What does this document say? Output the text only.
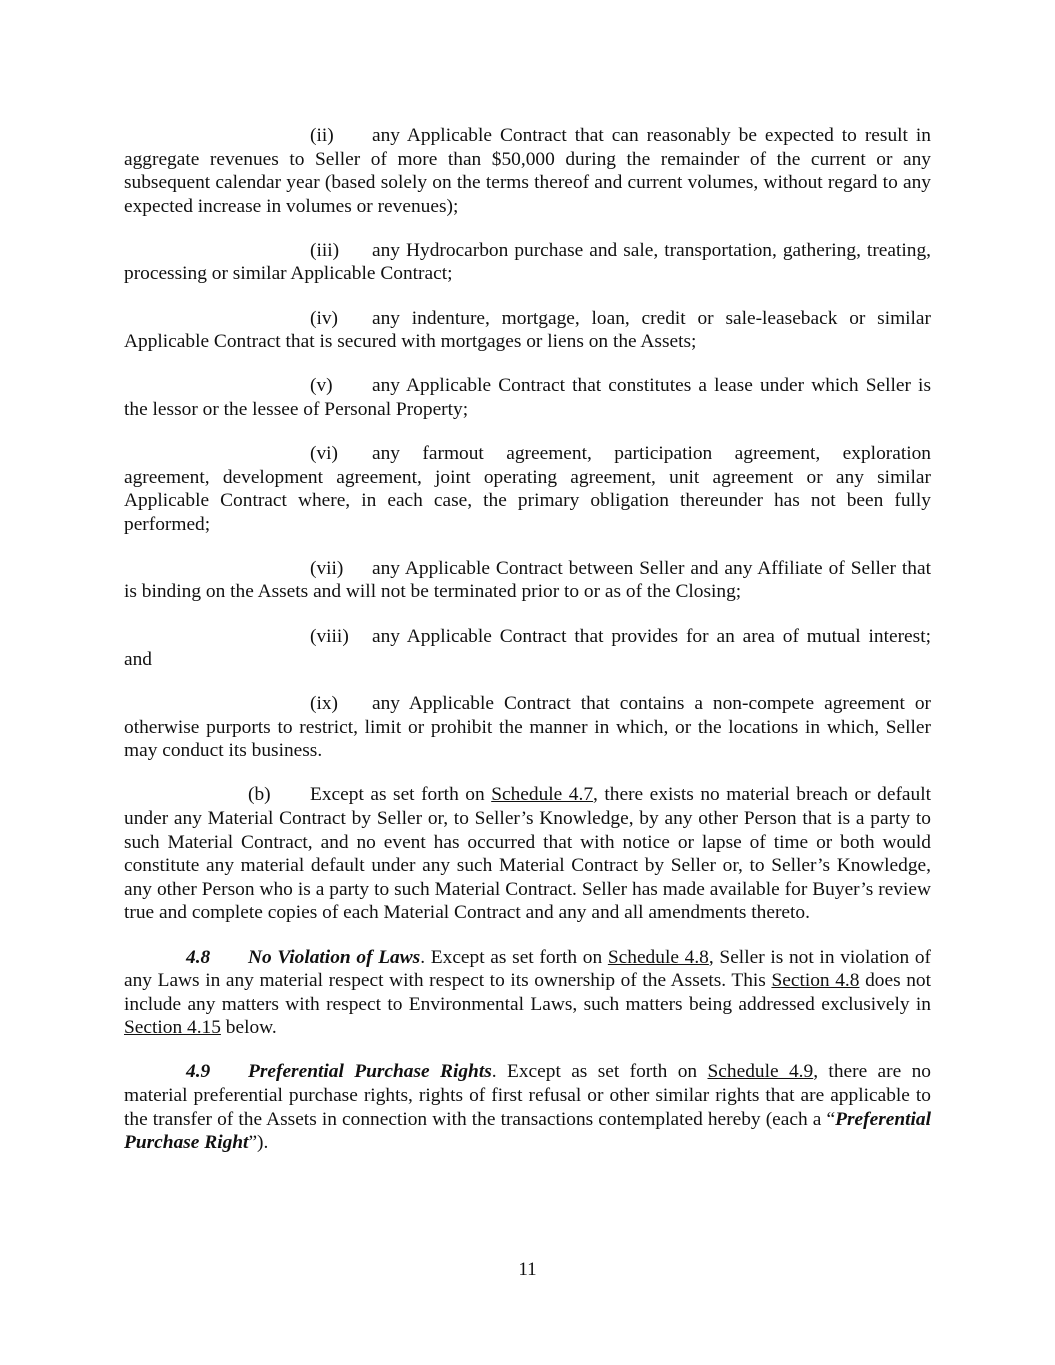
(ii) any Applicable Contract that can reasonably be expected to result in aggregate revenues to Seller of more than $50,000 during the remainder of the current or any subsequent calendar year (based solely on the terms thereof and current volumes, without regard to any expected increase in volumes or revenues);

(iii) any Hydrocarbon purchase and sale, transportation, gathering, treating, processing or similar Applicable Contract;

(iv) any indenture, mortgage, loan, credit or sale-leaseback or similar Applicable Contract that is secured with mortgages or liens on the Assets;

(v) any Applicable Contract that constitutes a lease under which Seller is the lessor or the lessee of Personal Property;

(vi) any farmout agreement, participation agreement, exploration agreement, development agreement, joint operating agreement, unit agreement or any similar Applicable Contract where, in each case, the primary obligation thereunder has not been fully performed;

(vii) any Applicable Contract between Seller and any Affiliate of Seller that is binding on the Assets and will not be terminated prior to or as of the Closing;

(viii) any Applicable Contract that provides for an area of mutual interest; and

(ix) any Applicable Contract that contains a non-compete agreement or otherwise purports to restrict, limit or prohibit the manner in which, or the locations in which, Seller may conduct its business.

(b) Except as set forth on Schedule 4.7, there exists no material breach or default under any Material Contract by Seller or, to Seller’s Knowledge, by any other Person that is a party to such Material Contract, and no event has occurred that with notice or lapse of time or both would constitute any material default under any such Material Contract by Seller or, to Seller’s Knowledge, any other Person who is a party to such Material Contract. Seller has made available for Buyer’s review true and complete copies of each Material Contract and any and all amendments thereto.

4.8 No Violation of Laws. Except as set forth on Schedule 4.8, Seller is not in violation of any Laws in any material respect with respect to its ownership of the Assets. This Section 4.8 does not include any matters with respect to Environmental Laws, such matters being addressed exclusively in Section 4.15 below.

4.9 Preferential Purchase Rights. Except as set forth on Schedule 4.9, there are no material preferential purchase rights, rights of first refusal or other similar rights that are applicable to the transfer of the Assets in connection with the transactions contemplated hereby (each a “Preferential Purchase Right”).

11
